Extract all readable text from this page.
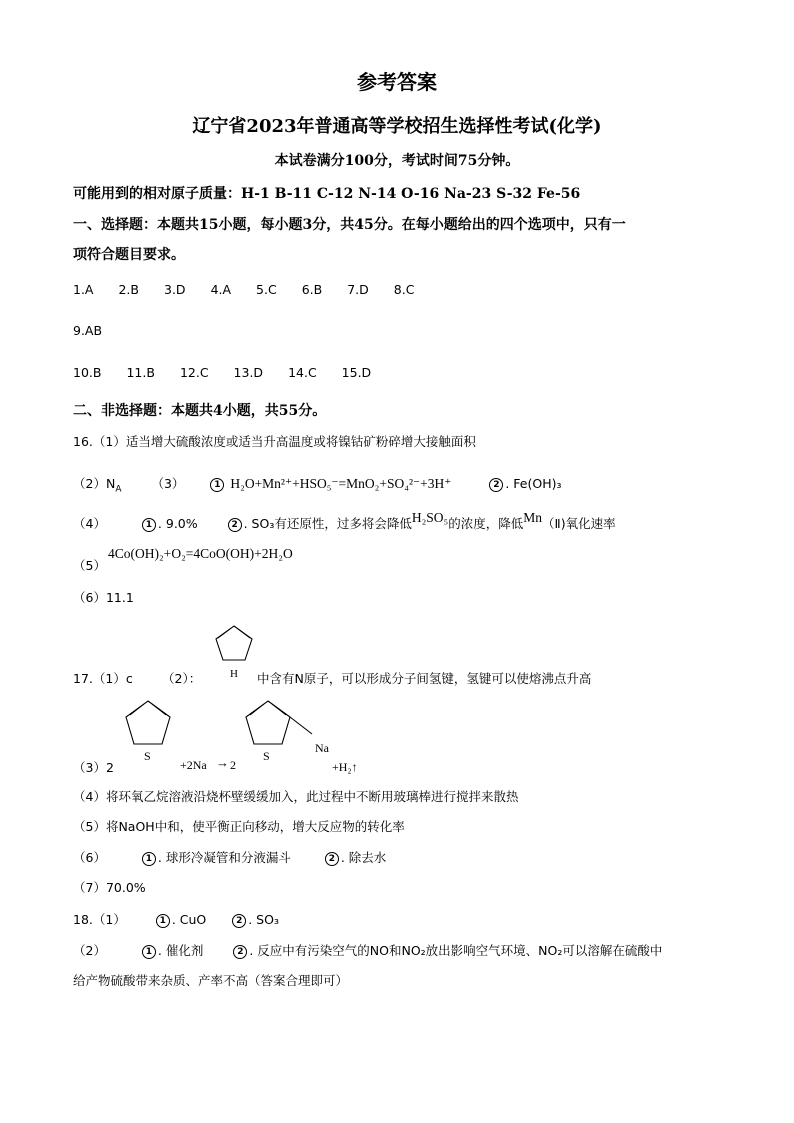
参考答案
辽宁省2023年普通高等学校招生选择性考试(化学)
本试卷满分100分，考试时间75分钟。
可能用到的相对原子质量：H-1 B-11 C-12 N-14 O-16 Na-23 S-32 Fe-56
一、选择题：本题共15小题，每小题3分，共45分。在每小题给出的四个选项中，只有一
项符合题目要求。
1.A 2.B 3.D 4.A 5.C 6.B 7.D 8.C
9.AB
10.B 11.B 12.C 13.D 14.C 15.D
二、非选择题：本题共4小题，共55分。
16.（1）适当增大硫酸浓度或适当升高温度或将镍钴矿粉碎增大接触面积
$(2)N_A$ （3）	1 H₂O+Mn²⁺+HSO₅⁻=MnO₂+SO₄²⁻+3H⁺	2 . Fe(OH)₃
（4）	1 . 9.0%	2 . SO₃有还原性，过多将会降低H₂SO₅的浓度，降低Mn（Ⅱ)氧化速率
（5）
4Co(OH)₂+O₂=4CoO(OH)+2H₂O
（6）11.1
17.（1）c （2）：	H 中含有N原子，可以形成分子间氢键，氢键可以使熔沸点升高
（3）2
S
+2Na → 2
S
Na
+H₂↑
（4）将环氧乙烷溶液沿烧杯壁缓缓加入，此过程中不断用玻璃棒进行搅拌来散热
（5）将NaOH中和，使平衡正向移动，增大反应物的转化率
（6）	1 . 球形冷凝管和分液漏斗	2 . 除去水
（7）70.0%
18.（1）	1 . CuO	2 . SO₃
（2）	1 . 催化剂	2 . 反应中有污染空气的NO和NO₂放出影响空气环境、NO₂可以溶解在硫酸中
给产物硫酸带来杂质、产率不高（答案合理即可）
